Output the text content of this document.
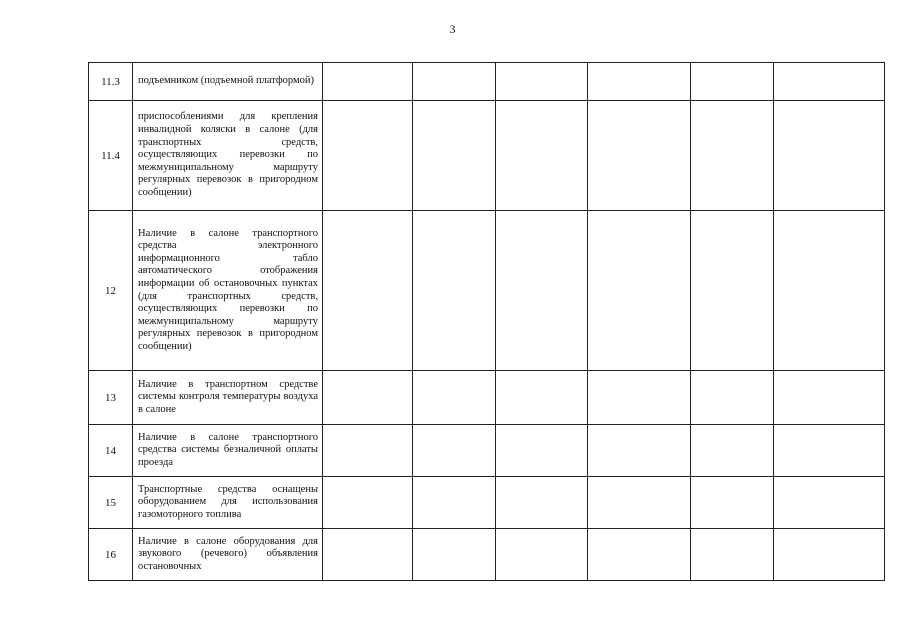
3
11.3	подъемником (подъемной платформой)						
11.4	приспособлениями для крепления инвалидной коляски в салоне (для транспортных средств, осуществляющих перевозки по межмуниципальному маршруту регулярных перевозок в пригородном сообщении)						
12	Наличие в салоне транспортного средства электронного информационного табло автоматического отображения информации об остановочных пунктах (для транспортных средств, осуществляющих перевозки по межмуниципальному маршруту регулярных перевозок в пригородном сообщении)						
13	Наличие в транспортном средстве системы контроля температуры воздуха в салоне						
14	Наличие в салоне транспортного средства системы безналичной оплаты проезда						
15	Транспортные средства оснащены оборудованием для использования газомоторного топлива						
16	Наличие в салоне оборудования для звукового (речевого) объявления остановочных						
